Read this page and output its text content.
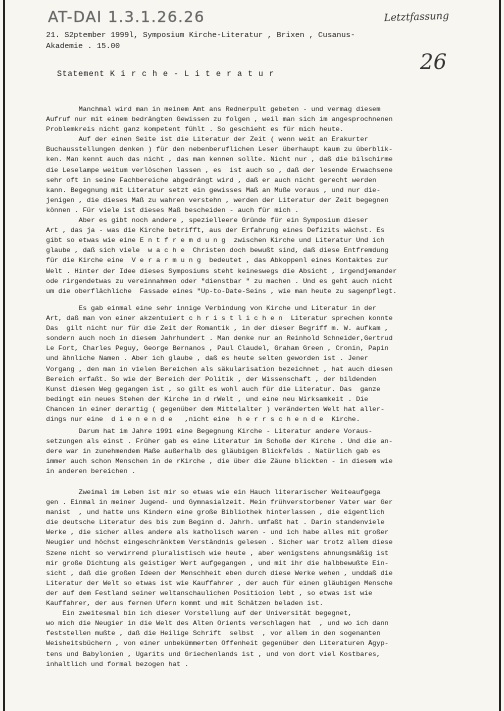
AT-DAI 1.3.1.26.26	Letztfassung
26
21. S2ptember 1999l, Symposium Kirche-Literatur , Brixen , Cusanus-
Akademie . 15.00
Statement K i r c h e - L i t e r a t u r
Manchmal wird man in meinem Amt ans Rednerpult gebeten - und vermag diesem
Aufruf nur mit einem bedrängten Gewissen zu folgen , weil man sich im angesprochnenen
Problemkreis nicht ganz kompetent fühlt . So geschieht es für mich heute.
Auf der einen Seite ist die Literatur der Zeit ( wenn weit an Erakurter
Buchausstellungen denken ) für den nebenberuflichen Leser überhaupt kaum zu überblik-
ken. Man kennt auch das nicht , das man kennen sollte. Nicht nur , daß die bilschirme
die Leselampe weitum verlöschen lassen , es  ist auch so , daß der lesende Erwachsene
sehr oft in seine Fachbereiche abgedrängt wird , daß er auch nicht gerecht werden
kann. Begegnung mit Literatur setzt ein gewisses Maß an Muße voraus , und nur die-
jenigen , die dieses Maß zu wahren verstehn , werden der Literatur der Zeit begegnen
können . Für viele ist dieses Maß bescheiden - auch für mich .
Aber es gibt noch andere , spezielleere Gründe für ein Symposium dieser
Art , das ja - was die Kirche betrifft, aus der Erfahrung eines Defizits wächst. Es
gibt so etwas wie eine E n t f r e m d u n g  zwischen Kirche und Literatur Und ich
glaube , daß sich viele  w a c h e  Christen doch bewußt sind, daß diese Entfremdung
für die Kirche eine  V e r a r m u n g  bedeutet , das Abkoppenl eines Kontaktes zur
Welt . Hinter der Idee dieses Symposiums steht keineswegs die Absicht , irgendjemander
ode rirgendetwas zu vereinnahmen oder "dienstbar " zu machen . Und es geht auch nicht
um die oberflächliche  Fassade eines "Up-to-Date-Seins , wie man heute zu sagenpflegt.
Es gab einmal eine sehr innige Verbindung von Kirche und Literatur in der
Art, daß man von einer akzentuiert c h r i s t l i c h e n  Literatur sprechen konnte
Das  gilt nicht nur für die Zeit der Romantik , in der dieser Begriff m. W. aufkam ,
sondern auch noch in diesem Jahrhundert . Man denke nur an Reinhold Schneider,Gertrud
Le Fort, Charles Peguy, George Bernanos , Paul Claudel, Graham Green , Cronin, Papin
und ähnliche Namen . Aber ich glaube , daß es heute selten geworden ist . Jener
Vorgang , den man in vielen Bereichen als säkularisation bezeichnet , hat auch diesen
Bereich erfaßt. So wie der Bereich der Politik , der Wissenschaft , der bildenden
Kunst diesen Weg gegangen ist , so gilt es wohl auch für die Literatur. Das  ganze
bedingt ein neues Stehen der Kirche in d rWelt , und eine neu Wirksamkeit . Die
Chancen in einer derartig ( gegenüber dem Mittelalter ) veränderten Welt hat aller-
dings nur eine  d i e n e n d e   ,nicht eine  h e r r s c h e n d e  Kirche.
Darum hat im Jahre 1991 eine Begegnung Kirche - Literatur andere Voraus-
setzungen als einst . Früher gab es eine Literatur im Schoße der Kirche . Und die an-
dere war in zunehmendem Maße außerhalb des gläubigen Blickfelds . Natürlich gab es
immer auch schon Menschen in de rKirche , die über die Zäune blickten - in diesem wie
in anderen bereichen .
Zweimal im Leben ist mir so etwas wie ein Hauch literarischer Weiteaufgega
gen . Einmal in meiner Jugend- und Gymnasialzeit. Mein frühverstorbener Vater war Ger
manist  , und hatte uns Kindern eine große Bibliothek hinterlassen , die eigentlich
die deutsche Literatur des bis zum Beginn d. Jahrh. umfaßt hat . Darin standenviele
Werke , die sicher alles andere als katholisch waren - und ich habe alles mit großer
Neugier und höchst eingeschränktem Verständnis gelesen . Sicher war trotz allem diese
Szene nicht so verwirrend pluralistisch wie heute , aber wenigstens ahnungsmäßig ist
mir große Dichtung als geistiger Wert aufgegangen , und mit ihr die halbbewußte Ein-
sicht , daß die großen Ideen der Menschheit eben durch diese Werke wehen , unddaß die
Literatur der Welt so etwas ist wie Kauffahrer , der auch für einen gläubigen Mensche
der auf dem Festland seiner weltanschaulichen Positioion lebt , so etwas ist wie
Kauffahrer, der aus fernen Ufern kommt und mit Schätzen beladen ist.
Ein zweitesmal bin ich dieser Vorstellung auf der Universität begegnet,
wo mich die Neugier in die Welt des Alten Orients verschlagen hat  , und wo ich dann
feststellen mußte , daß die Heilige Schrift  selbst  , vor allem in den sogenanten
Weisheitsbüchern , von einer unbekümmerten Offenheit gegenüber den Literaturen Ägyp-
tens und Babylonien , Ugarits und Griechenlands ist , und von dort viel Kostbares,
inhaltlich und formal bezogen hat .
